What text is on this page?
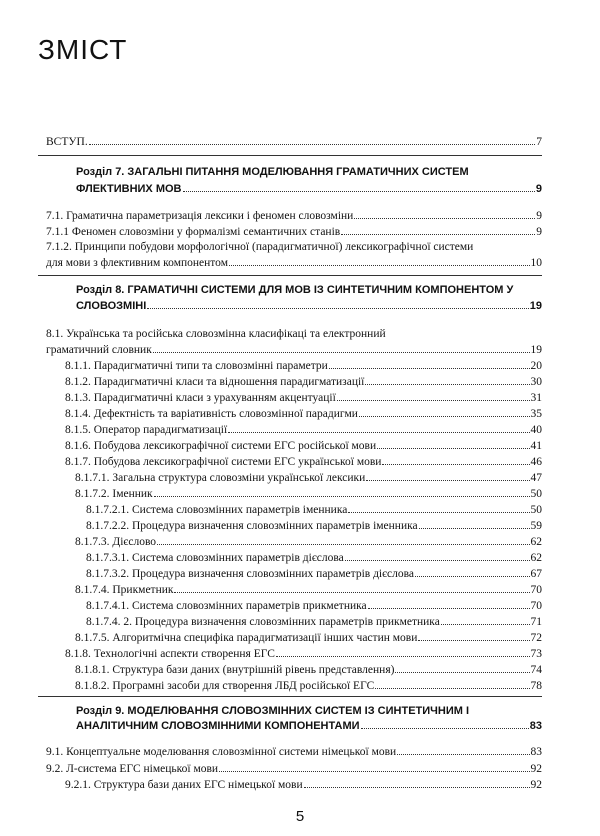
ЗМІСТ
ВСТУП.	7
Розділ 7. ЗАГАЛЬНІ ПИТАННЯ МОДЕЛЮВАННЯ ГРАМАТИЧНИХ СИСТЕМ
ФЛЕКТИВНИХ МОВ	9
7.1. Граматична параметризація лексики і феномен словозміни	9
7.1.1 Феномен словозміни у формалізмі семантичних станів	9
7.1.2. Принципи побудови морфологічної (парадигматичної) лексикографічної системи
для мови з флективним компонентом	10
Розділ 8. ГРАМАТИЧНІ СИСТЕМИ ДЛЯ МОВ ІЗ СИНТЕТИЧНИМ КОМПОНЕНТОМ У
СЛОВОЗМІНІ	19
8.1. Українська та російська словозмінна класифікаці та електронний
граматичний словник	19
8.1.1. Парадигматичні типи та словозмінні параметри	20
8.1.2. Парадигматичні класи та відношення парадигматизації	30
8.1.3. Парадигматичні класи з урахуванням акцентуації	31
8.1.4. Дефектність та варіативність словозмінної парадигми	35
8.1.5. Оператор парадигматизації	40
8.1.6. Побудова лексикографічної системи ЕГС російської мови	41
8.1.7. Побудова лексикографічної системи ЕГС української мови	46
8.1.7.1. Загальна структура словозміни української лексики	47
8.1.7.2. Іменник	50
8.1.7.2.1. Система словозмінних параметрів іменника	50
8.1.7.2.2. Процедура визначення словозмінних параметрів іменника	59
8.1.7.3. Дієслово	62
8.1.7.3.1. Система словозмінних параметрів дієслова	62
8.1.7.3.2. Процедура визначення словозмінних параметрів дієслова	67
8.1.7.4. Прикметник	70
8.1.7.4.1. Система словозмінних параметрів прикметника	70
8.1.7.4. 2. Процедура визначення словозмінних параметрів прикметника	71
8.1.7.5. Алгоритмічна специфіка парадигматизації інших частин мови	72
8.1.8. Технологічні аспекти створення ЕГС	73
8.1.8.1. Структура бази даних (внутрішній рівень представлення)	74
8.1.8.2. Програмні засоби для створення ЛБД російської ЕГС	78
Розділ 9. МОДЕЛЮВАННЯ СЛОВОЗМІННИХ СИСТЕМ ІЗ СИНТЕТИЧНИМ І
АНАЛІТИЧНИМ СЛОВОЗМІННИМИ КОМПОНЕНТАМИ	83
9.1. Концептуальне моделювання словозмінної системи німецької мови	83
9.2. Л-система ЕГС німецької мови	92
9.2.1. Структура бази даних ЕГС німецької мови	92
5
